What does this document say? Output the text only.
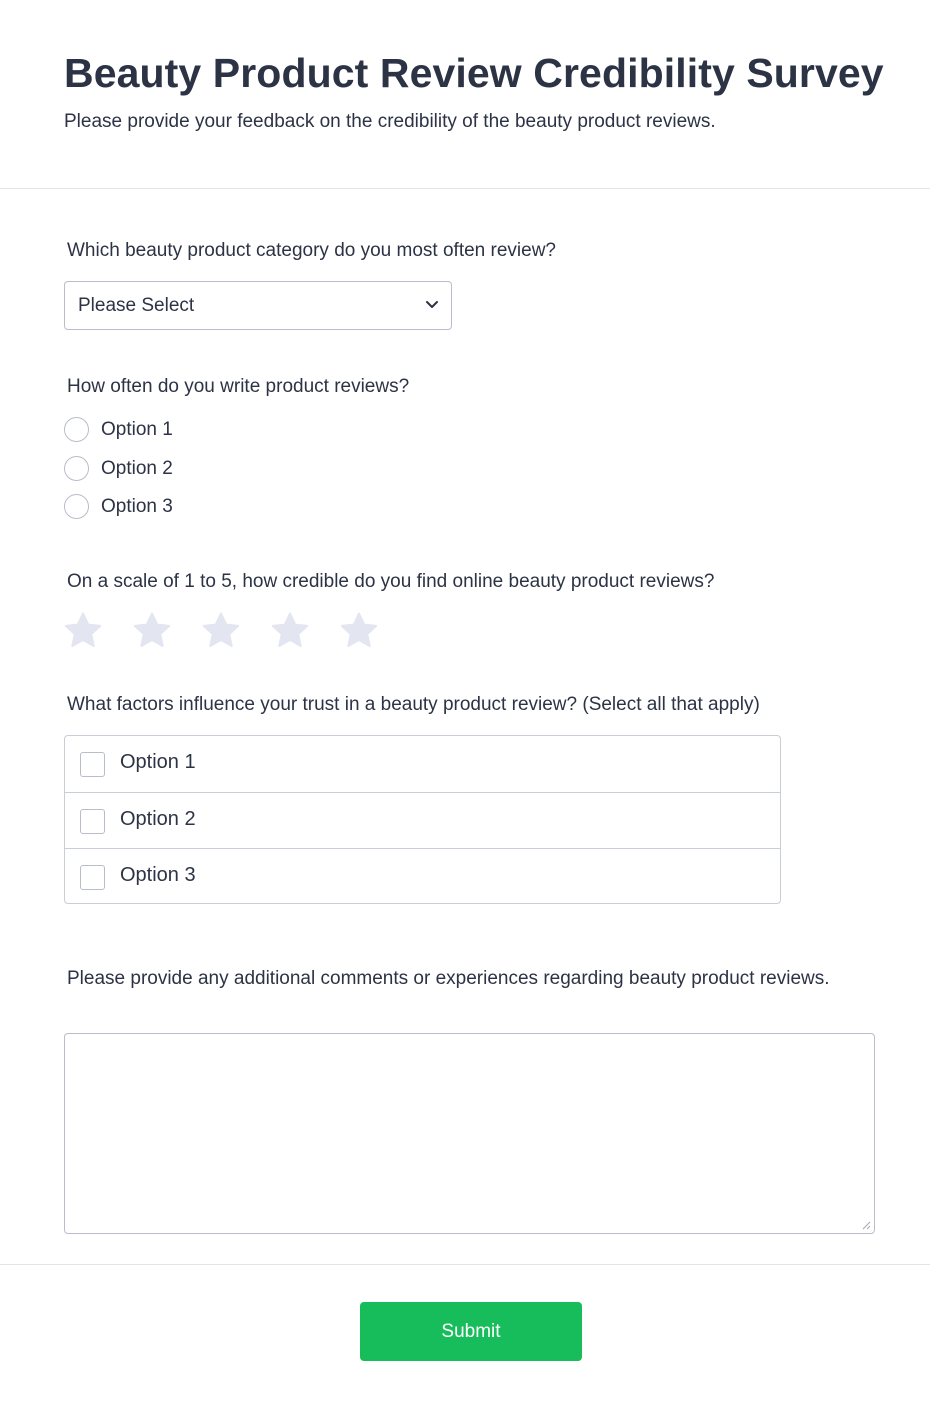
Beauty Product Review Credibility Survey
Please provide your feedback on the credibility of the beauty product reviews.
Which beauty product category do you most often review?
Please Select
How often do you write product reviews?
Option 1
Option 2
Option 3
On a scale of 1 to 5, how credible do you find online beauty product reviews?
What factors influence your trust in a beauty product review? (Select all that apply)
Option 1
Option 2
Option 3
Please provide any additional comments or experiences regarding beauty product reviews.
Submit
